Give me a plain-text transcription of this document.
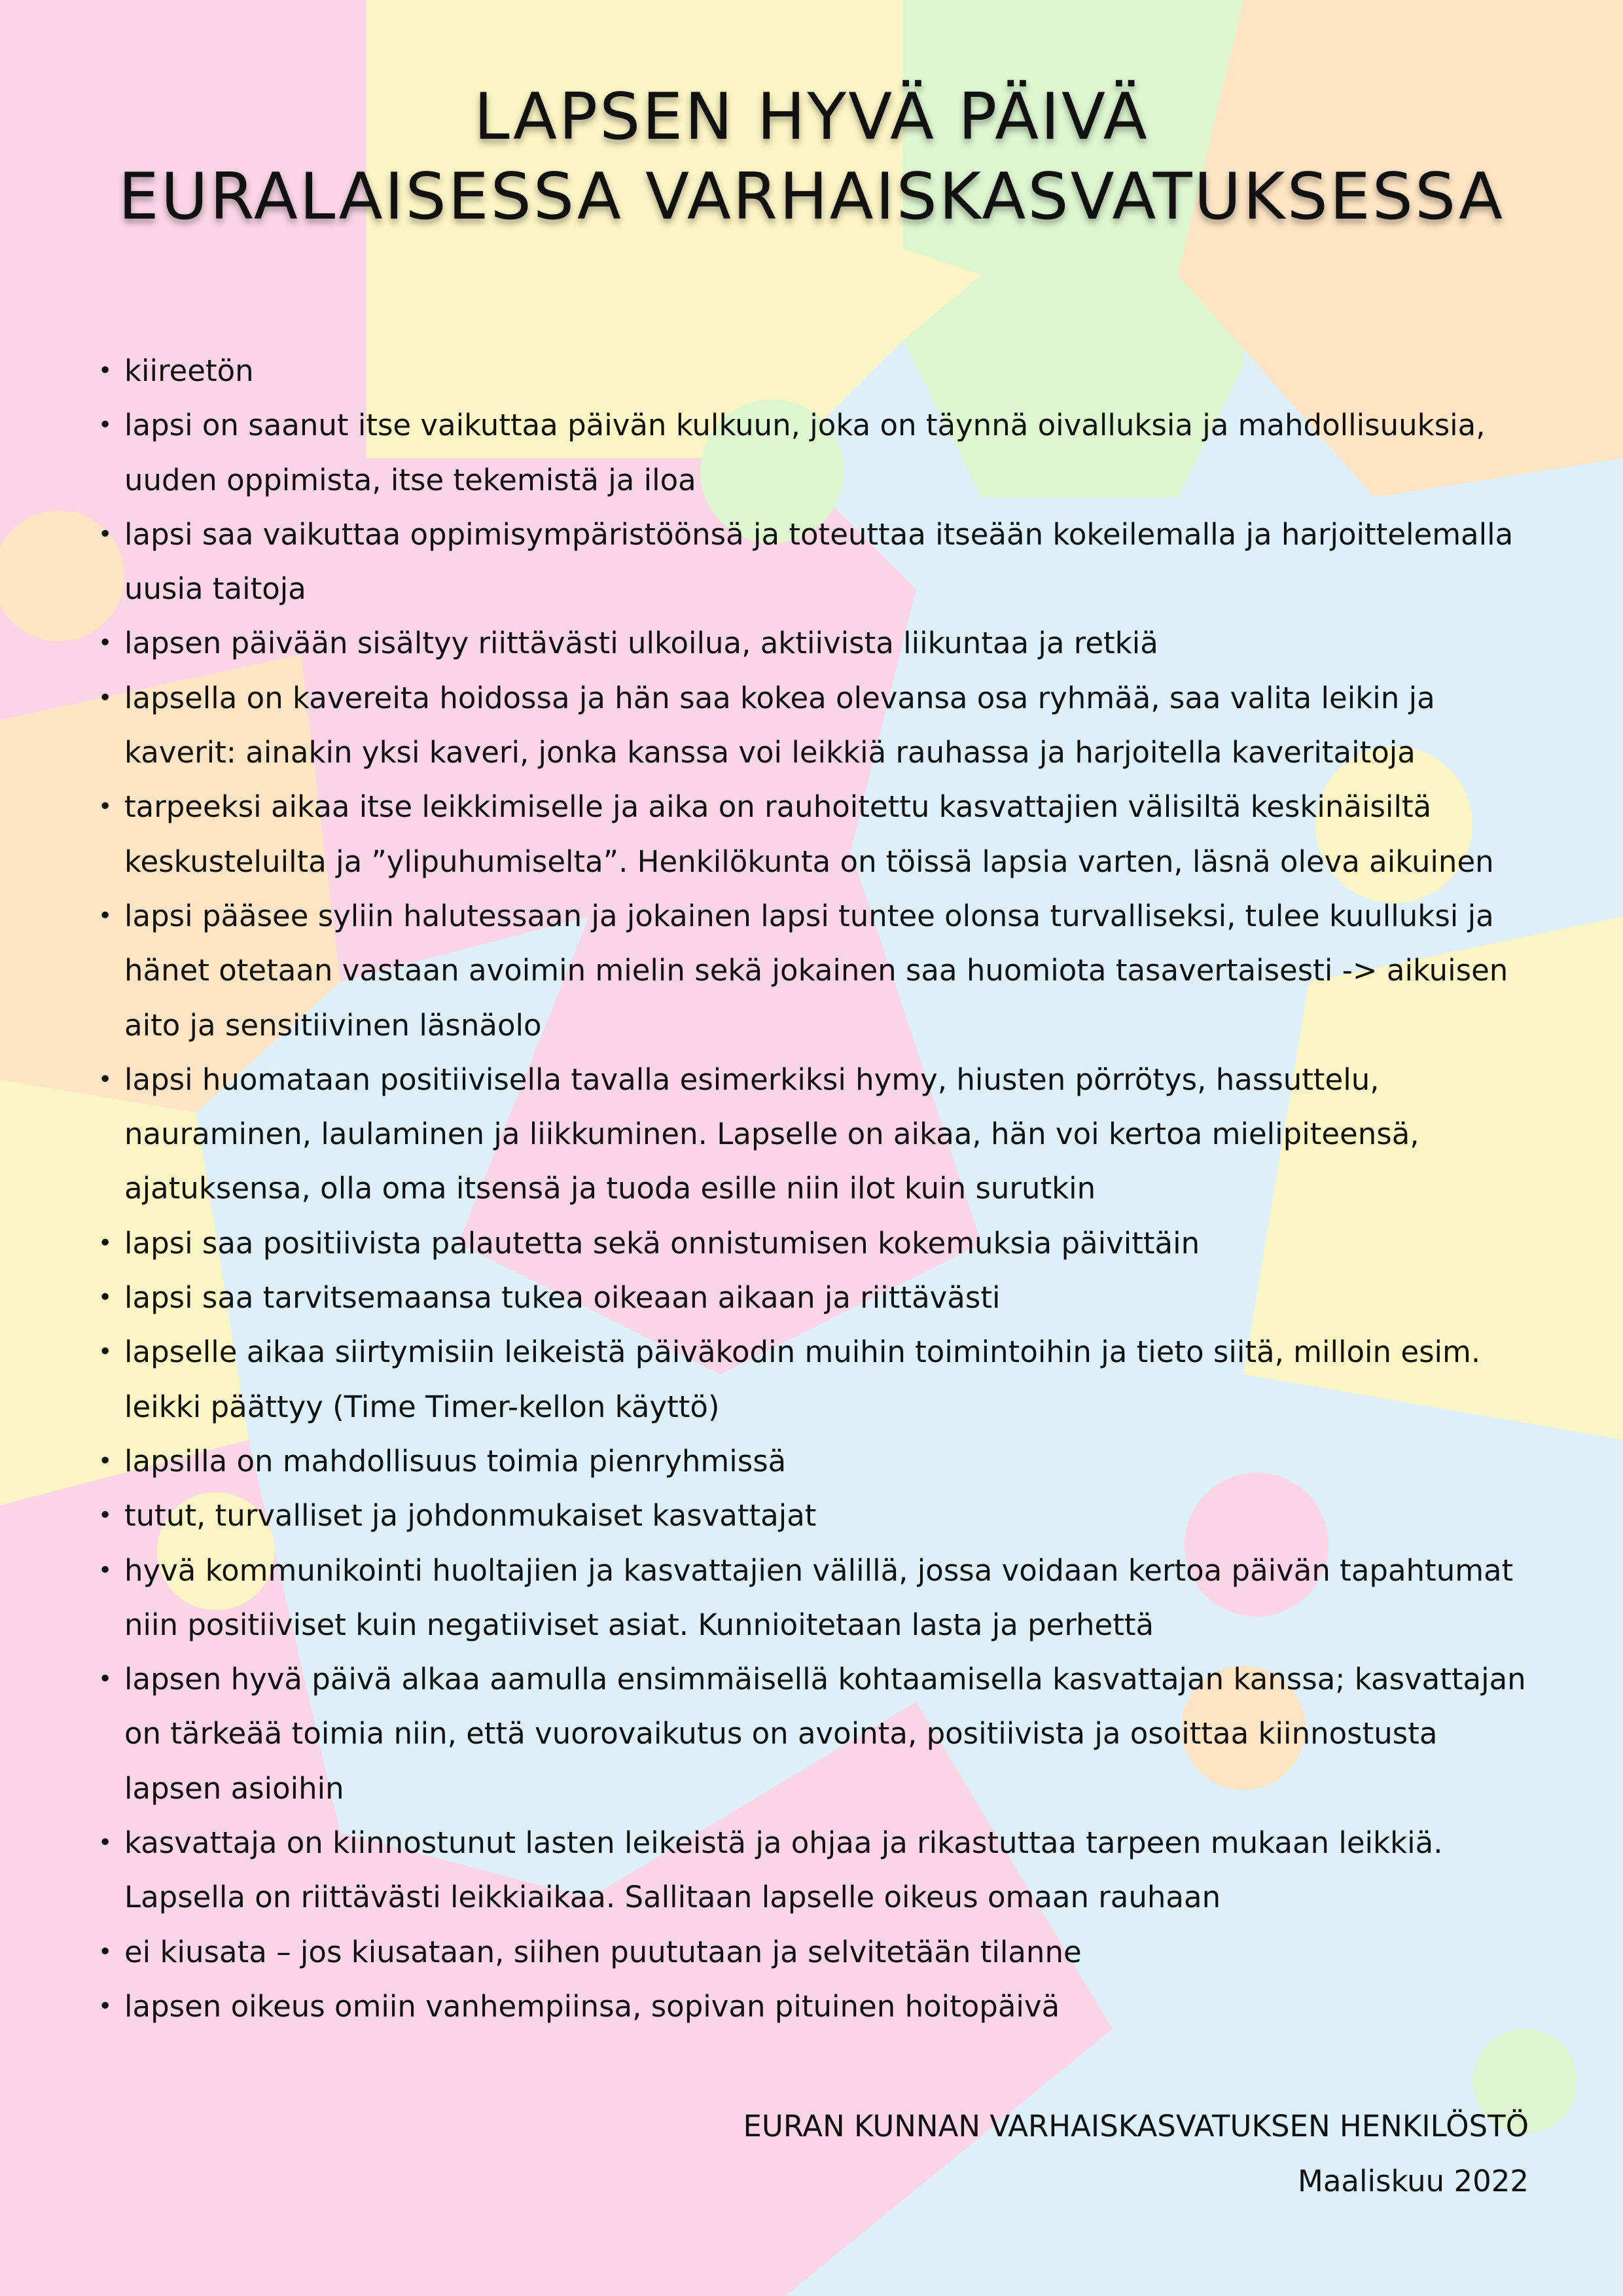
LAPSEN HYVÄ PÄIVÄ
EURALAISESSA VARHAISKASVATUKSESSA
• kiireetön
• lapsi on saanut itse vaikuttaa päivän kulkuun, joka on täynnä oivalluksia ja mahdollisuuksia, uuden oppimista, itse tekemistä ja iloa
• lapsi saa vaikuttaa oppimisympäristöönsä ja toteuttaa itseään kokeilemalla ja harjoittelemalla uusia taitoja
• lapsen päivään sisältyy riittävästi ulkoilua, aktiivista liikuntaa ja retkiä
• lapsella on kavereita hoidossa ja hän saa kokea olevansa osa ryhmää, saa valita leikin ja kaverit: ainakin yksi kaveri, jonka kanssa voi leikkiä rauhassa ja harjoitella kaveritaitoja
• tarpeeksi aikaa itse leikkimiselle ja aika on rauhoitettu kasvattajien välisiltä keskinäisiltä keskusteluilta ja ”ylipuhumiselta”. Henkilökunta on töissä lapsia varten, läsnä oleva aikuinen
• lapsi pääsee syliin halutessaan ja jokainen lapsi tuntee olonsa turvalliseksi, tulee kuulluksi ja hänet otetaan vastaan avoimin mielin sekä jokainen saa huomiota tasavertaisesti -> aikuisen aito ja sensitiivinen läsnäolo
• lapsi huomataan positiivisella tavalla esimerkiksi hymy, hiusten pörrötys, hassuttelu, nauraminen, laulaminen ja liikkuminen. Lapselle on aikaa, hän voi kertoa mielipiteensä, ajatuksensa, olla oma itsensä ja tuoda esille niin ilot kuin surutkin
• lapsi saa positiivista palautetta sekä onnistumisen kokemuksia päivittäin
• lapsi saa tarvitsemaansa tukea oikeaan aikaan ja riittävästi
• lapselle aikaa siirtymisiin leikeistä päiväkodin muihin toimintoihin ja tieto siitä, milloin esim. leikki päättyy (Time Timer-kellon käyttö)
• lapsilla on mahdollisuus toimia pienryhmissä
• tutut, turvalliset ja johdonmukaiset kasvattajat
• hyvä kommunikointi huoltajien ja kasvattajien välillä, jossa voidaan kertoa päivän tapahtumat niin positiiviset kuin negatiiviset asiat. Kunnioitetaan lasta ja perhettä
• lapsen hyvä päivä alkaa aamulla ensimmäisellä kohtaamisella kasvattajan kanssa; kasvattajan on tärkeää toimia niin, että vuorovaikutus on avointa, positiivista ja osoittaa kiinnostusta lapsen asioihin
• kasvattaja on kiinnostunut lasten leikeistä ja ohjaa ja rikastuttaa tarpeen mukaan leikkiä. Lapsella on riittävästi leikkiaikaa. Sallitaan lapselle oikeus omaan rauhaan
• ei kiusata – jos kiusataan, siihen puututaan ja selvitetään tilanne
• lapsen oikeus omiin vanhempiinsa, sopivan pituinen hoitopäivä
EURAN KUNNAN VARHAISKASVATUKSEN HENKILÖSTÖ
Maaliskuu 2022
